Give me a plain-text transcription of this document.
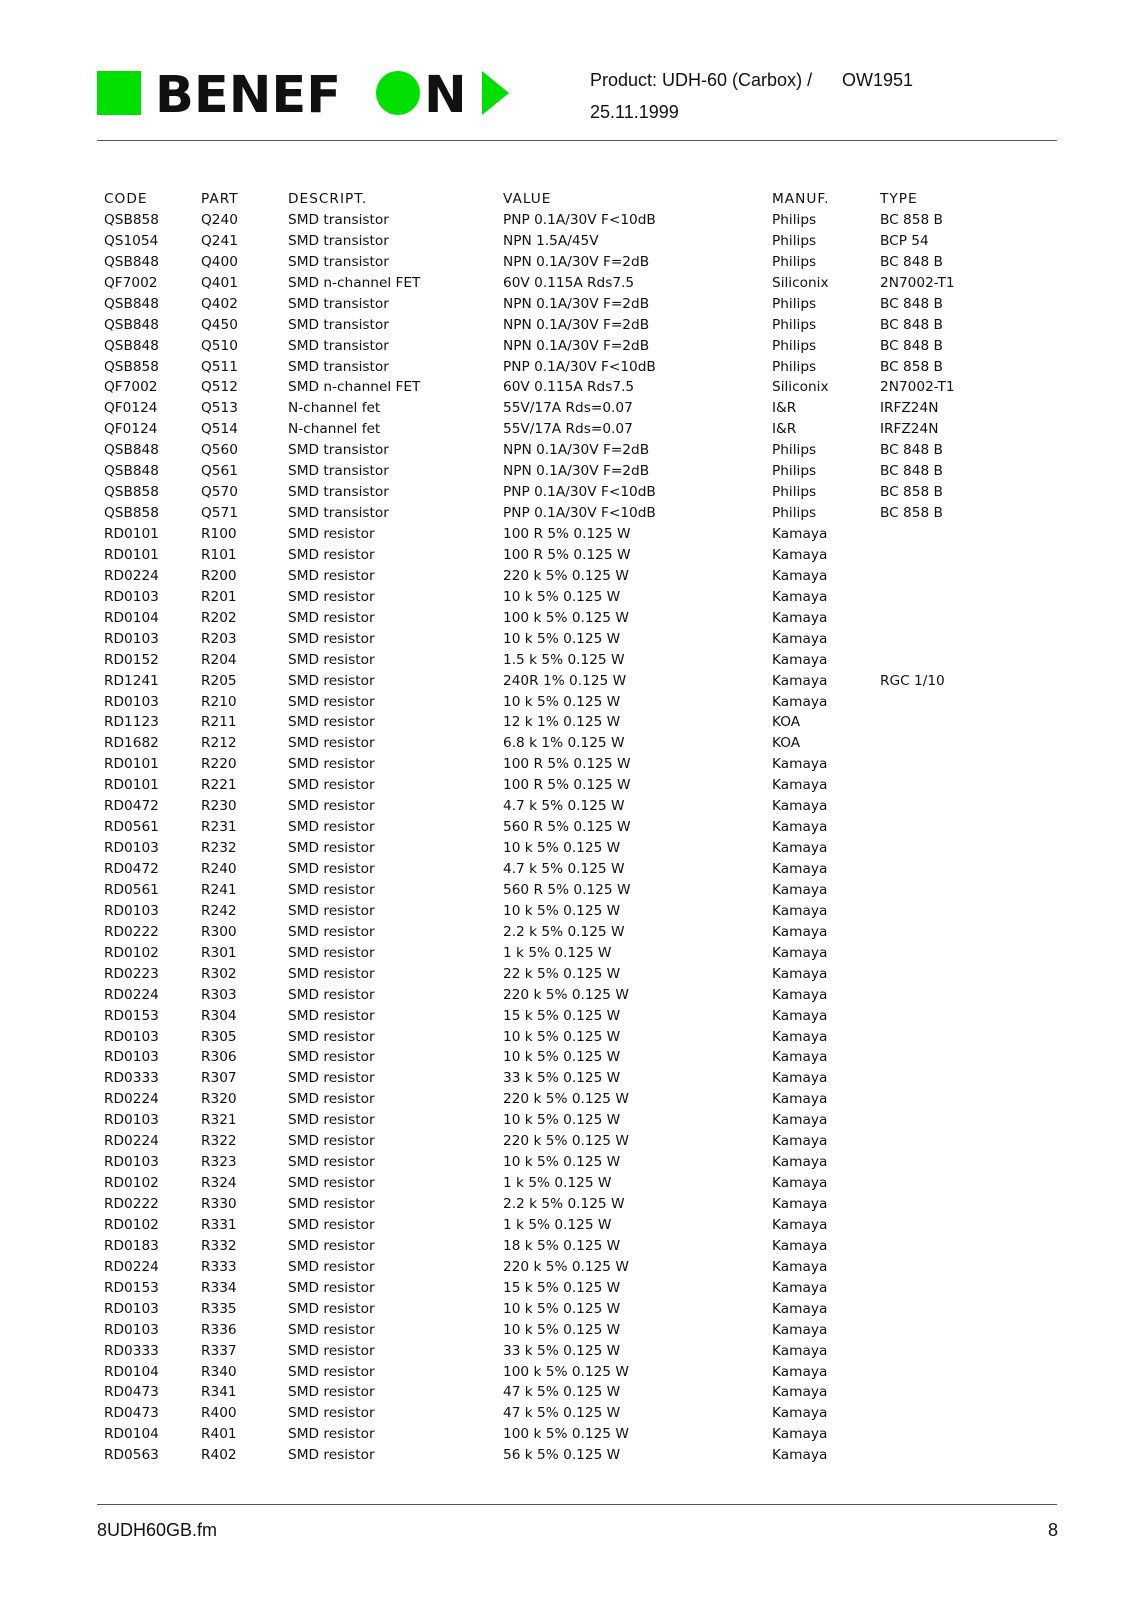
BENEF N	Product: UDH-60 (Carbox) /	OW1951
25.11.1999
CODE	PART	DESCRIPT.	VALUE	MANUF.	TYPE
QSB858	Q240	SMD transistor	PNP 0.1A/30V F<10dB	Philips	BC 858 B
QS1054	Q241	SMD transistor	NPN 1.5A/45V	Philips	BCP 54
QSB848	Q400	SMD transistor	NPN 0.1A/30V F=2dB	Philips	BC 848 B
QF7002	Q401	SMD n-channel FET	60V 0.115A Rds7.5	Siliconix	2N7002-T1
QSB848	Q402	SMD transistor	NPN 0.1A/30V F=2dB	Philips	BC 848 B
QSB848	Q450	SMD transistor	NPN 0.1A/30V F=2dB	Philips	BC 848 B
QSB848	Q510	SMD transistor	NPN 0.1A/30V F=2dB	Philips	BC 848 B
QSB858	Q511	SMD transistor	PNP 0.1A/30V F<10dB	Philips	BC 858 B
QF7002	Q512	SMD n-channel FET	60V 0.115A Rds7.5	Siliconix	2N7002-T1
QF0124	Q513	N-channel fet	55V/17A Rds=0.07	I&R	IRFZ24N
QF0124	Q514	N-channel fet	55V/17A Rds=0.07	I&R	IRFZ24N
QSB848	Q560	SMD transistor	NPN 0.1A/30V F=2dB	Philips	BC 848 B
QSB848	Q561	SMD transistor	NPN 0.1A/30V F=2dB	Philips	BC 848 B
QSB858	Q570	SMD transistor	PNP 0.1A/30V F<10dB	Philips	BC 858 B
QSB858	Q571	SMD transistor	PNP 0.1A/30V F<10dB	Philips	BC 858 B
RD0101	R100	SMD resistor	100 R 5% 0.125 W	Kamaya	
RD0101	R101	SMD resistor	100 R 5% 0.125 W	Kamaya	
RD0224	R200	SMD resistor	220 k 5% 0.125 W	Kamaya	
RD0103	R201	SMD resistor	10 k 5% 0.125 W	Kamaya	
RD0104	R202	SMD resistor	100 k 5% 0.125 W	Kamaya	
RD0103	R203	SMD resistor	10 k 5% 0.125 W	Kamaya	
RD0152	R204	SMD resistor	1.5 k 5% 0.125 W	Kamaya	
RD1241	R205	SMD resistor	240R 1% 0.125 W	Kamaya	RGC 1/10
RD0103	R210	SMD resistor	10 k 5% 0.125 W	Kamaya	
RD1123	R211	SMD resistor	12 k 1% 0.125 W	KOA	
RD1682	R212	SMD resistor	6.8 k 1% 0.125 W	KOA	
RD0101	R220	SMD resistor	100 R 5% 0.125 W	Kamaya	
RD0101	R221	SMD resistor	100 R 5% 0.125 W	Kamaya	
RD0472	R230	SMD resistor	4.7 k 5% 0.125 W	Kamaya	
RD0561	R231	SMD resistor	560 R 5% 0.125 W	Kamaya	
RD0103	R232	SMD resistor	10 k 5% 0.125 W	Kamaya	
RD0472	R240	SMD resistor	4.7 k 5% 0.125 W	Kamaya	
RD0561	R241	SMD resistor	560 R 5% 0.125 W	Kamaya	
RD0103	R242	SMD resistor	10 k 5% 0.125 W	Kamaya	
RD0222	R300	SMD resistor	2.2 k 5% 0.125 W	Kamaya	
RD0102	R301	SMD resistor	1 k 5% 0.125 W	Kamaya	
RD0223	R302	SMD resistor	22 k 5% 0.125 W	Kamaya	
RD0224	R303	SMD resistor	220 k 5% 0.125 W	Kamaya	
RD0153	R304	SMD resistor	15 k 5% 0.125 W	Kamaya	
RD0103	R305	SMD resistor	10 k 5% 0.125 W	Kamaya	
RD0103	R306	SMD resistor	10 k 5% 0.125 W	Kamaya	
RD0333	R307	SMD resistor	33 k 5% 0.125 W	Kamaya	
RD0224	R320	SMD resistor	220 k 5% 0.125 W	Kamaya	
RD0103	R321	SMD resistor	10 k 5% 0.125 W	Kamaya	
RD0224	R322	SMD resistor	220 k 5% 0.125 W	Kamaya	
RD0103	R323	SMD resistor	10 k 5% 0.125 W	Kamaya	
RD0102	R324	SMD resistor	1 k 5% 0.125 W	Kamaya	
RD0222	R330	SMD resistor	2.2 k 5% 0.125 W	Kamaya	
RD0102	R331	SMD resistor	1 k 5% 0.125 W	Kamaya	
RD0183	R332	SMD resistor	18 k 5% 0.125 W	Kamaya	
RD0224	R333	SMD resistor	220 k 5% 0.125 W	Kamaya	
RD0153	R334	SMD resistor	15 k 5% 0.125 W	Kamaya	
RD0103	R335	SMD resistor	10 k 5% 0.125 W	Kamaya	
RD0103	R336	SMD resistor	10 k 5% 0.125 W	Kamaya	
RD0333	R337	SMD resistor	33 k 5% 0.125 W	Kamaya	
RD0104	R340	SMD resistor	100 k 5% 0.125 W	Kamaya	
RD0473	R341	SMD resistor	47 k 5% 0.125 W	Kamaya	
RD0473	R400	SMD resistor	47 k 5% 0.125 W	Kamaya	
RD0104	R401	SMD resistor	100 k 5% 0.125 W	Kamaya	
RD0563	R402	SMD resistor	56 k 5% 0.125 W	Kamaya	
8UDH60GB.fm	8
